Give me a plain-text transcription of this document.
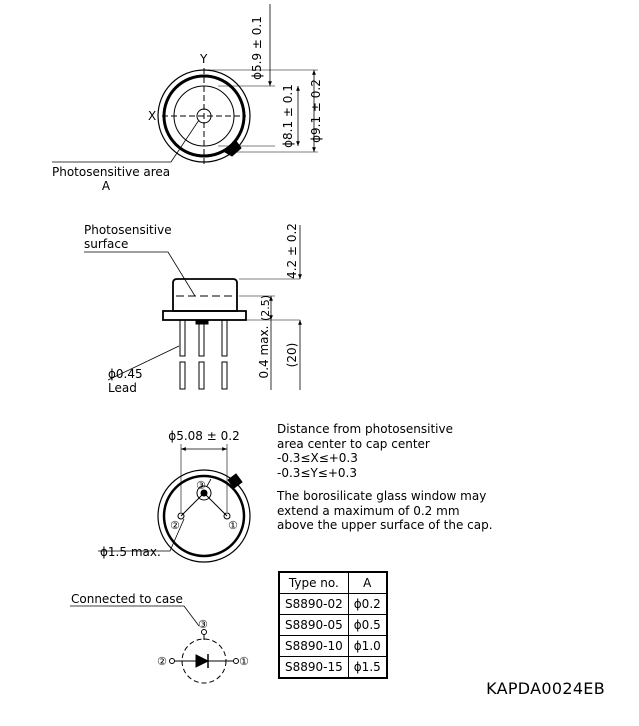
ϕ5.9 ± 0.1
ϕ8.1 ± 0.1 ϕ9.1 ± 0.2
X
Y
Photosensitive area
A
Photosensitive
surface	4.2 ± 0.2
(2.5)
(20)
0.4 max.
ϕ0.45
Lead
ϕ5.08 ± 0.2
ϕ1.5 max.
③
②	①
Connected to case
③
②	①
Distance from photosensitive
area center to cap center
-0.3≤X≤+0.3
-0.3≤Y≤+0.3
The borosilicate glass window may
extend a maximum of 0.2 mm
above the upper surface of the cap.
Type no.	A
S8890-02	ϕ0.2
S8890-05	ϕ0.5
S8890-10	ϕ1.0
S8890-15	ϕ1.5
KAPDA0024EB
